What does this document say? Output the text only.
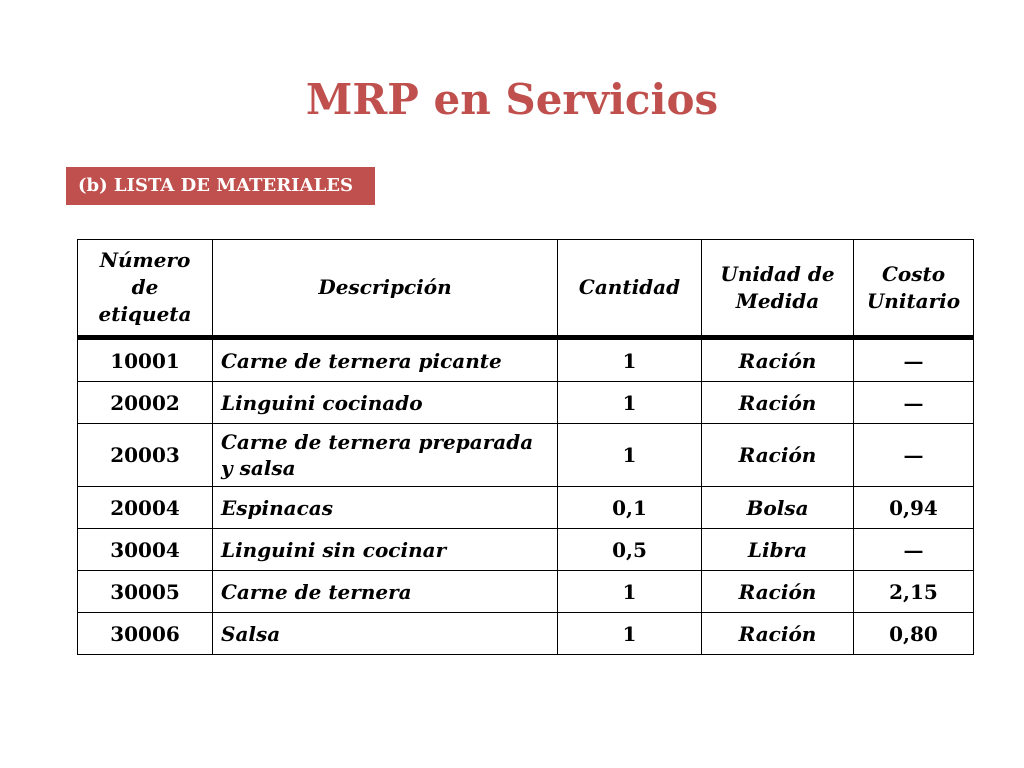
MRP en Servicios
(b) LISTA DE MATERIALES
Número de etiqueta	Descripción	Cantidad	Unidad de Medida	Costo Unitario
10001	Carne de ternera picante	1	Ración	—
20002	Linguini cocinado	1	Ración	—
20003	Carne de ternera preparada y salsa	1	Ración	—
20004	Espinacas	0,1	Bolsa	0,94
30004	Linguini sin cocinar	0,5	Libra	—
30005	Carne de ternera	1	Ración	2,15
30006	Salsa	1	Ración	0,80
